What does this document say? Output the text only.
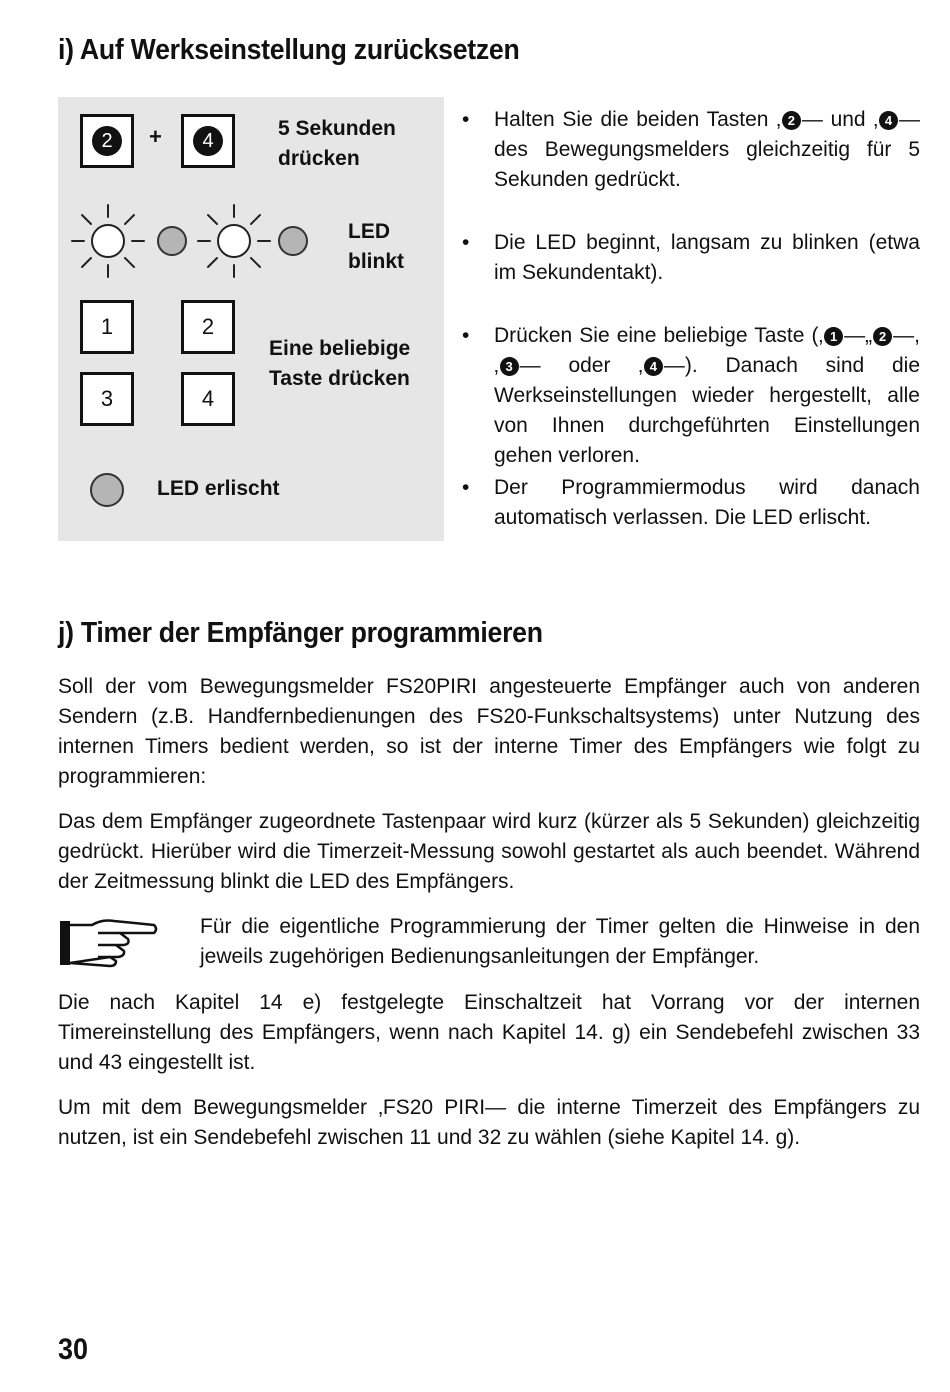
i) Auf Werkseinstellung zurücksetzen
2	+	4
5 Sekunden
drücken
LED
blinkt
1	2
3	4
Eine beliebige
Taste drücken
LED erlischt
• Halten Sie die beiden Tasten ‚ 2 — und ‚ 4 — des Bewegungsmelders gleichzeitig für 5 Sekunden gedrückt.
• Die LED beginnt, langsam zu blinken (etwa im Sekundentakt).
• Drücken Sie eine beliebige Taste (‚ 1 —„ 2 —, ‚ 3 — oder ‚ 4 —). Danach sind die Werkseinstellungen wieder hergestellt, alle von Ihnen durchgeführten Einstellungen gehen verloren.
• Der Programmiermodus wird danach automatisch verlassen. Die LED erlischt.
j) Timer der Empfänger programmieren

Soll der vom Bewegungsmelder FS20PIRI angesteuerte Empfänger auch von anderen Sendern (z.B. Handfernbedienungen des FS20-Funkschaltsystems) unter Nutzung des internen Timers bedient werden, so ist der interne Timer des Empfängers wie folgt zu programmieren:

Das dem Empfänger zugeordnete Tastenpaar wird kurz (kürzer als 5 Sekunden) gleichzeitig gedrückt. Hierüber wird die Timerzeit-Messung sowohl gestartet als auch beendet. Während der Zeitmessung blinkt die LED des Empfängers.

Für die eigentliche Programmierung der Timer gelten die Hinweise in den jeweils zugehörigen Bedienungsanleitungen der Empfänger.

Die nach Kapitel 14 e) festgelegte Einschaltzeit hat Vorrang vor der internen Timereinstellung des Empfängers, wenn nach Kapitel 14. g) ein Sendebefehl zwischen 33 und 43 eingestellt ist.

Um mit dem Bewegungsmelder ‚FS20 PIRI— die interne Timerzeit des Empfängers zu nutzen, ist ein Sendebefehl zwischen 11 und 32 zu wählen (siehe Kapitel 14. g).

30
